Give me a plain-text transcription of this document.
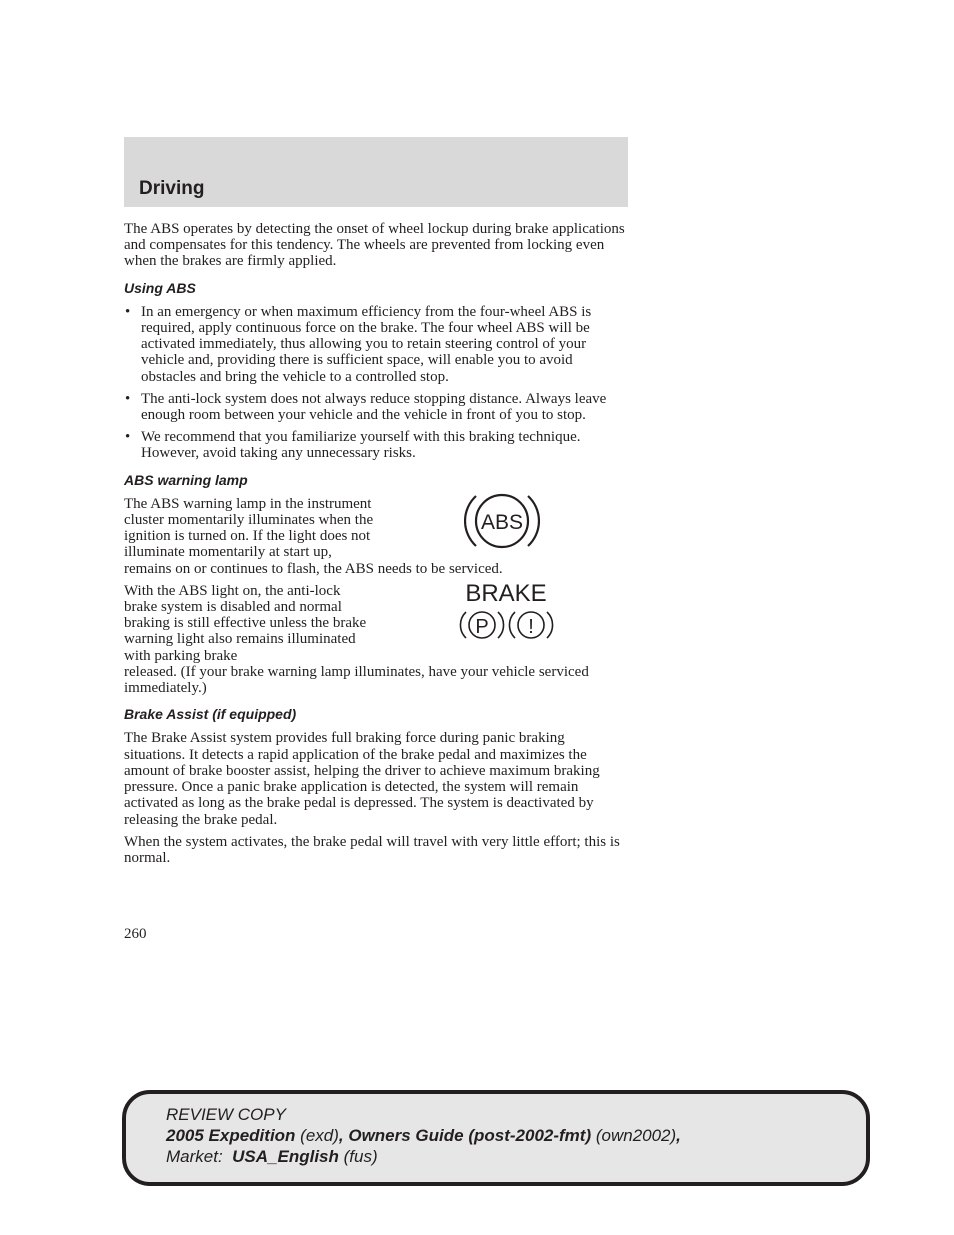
Driving

The ABS operates by detecting the onset of wheel lockup during brake applications and compensates for this tendency. The wheels are prevented from locking even when the brakes are firmly applied.

Using ABS
• In an emergency or when maximum efficiency from the four-wheel ABS is required, apply continuous force on the brake. The four wheel ABS will be activated immediately, thus allowing you to retain steering control of your vehicle and, providing there is sufficient space, will enable you to avoid obstacles and bring the vehicle to a controlled stop.
• The anti-lock system does not always reduce stopping distance. Always leave enough room between your vehicle and the vehicle in front of you to stop.
• We recommend that you familiarize yourself with this braking technique. However, avoid taking any unnecessary risks.
ABS warning lamp
The ABS warning lamp in the instrument cluster momentarily illuminates when the ignition is turned on. If the light does not illuminate momentarily at start up,

remains on or continues to flash, the ABS needs to be serviced.

ABS
With the ABS light on, the anti-lock brake system is disabled and normal braking is still effective unless the brake warning light also remains illuminated with parking brake

released. (If your brake warning lamp illuminates, have your vehicle serviced immediately.)

BRAKE
P !
Brake Assist (if equipped)

The Brake Assist system provides full braking force during panic braking situations. It detects a rapid application of the brake pedal and maximizes the amount of brake booster assist, helping the driver to achieve maximum braking pressure. Once a panic brake application is detected, the system will remain activated as long as the brake pedal is depressed. The system is deactivated by releasing the brake pedal.

When the system activates, the brake pedal will travel with very little effort; this is normal.

260
REVIEW COPY
2005 Expedition (exd), Owners Guide (post-2002-fmt) (own2002),
Market: USA_English (fus)
